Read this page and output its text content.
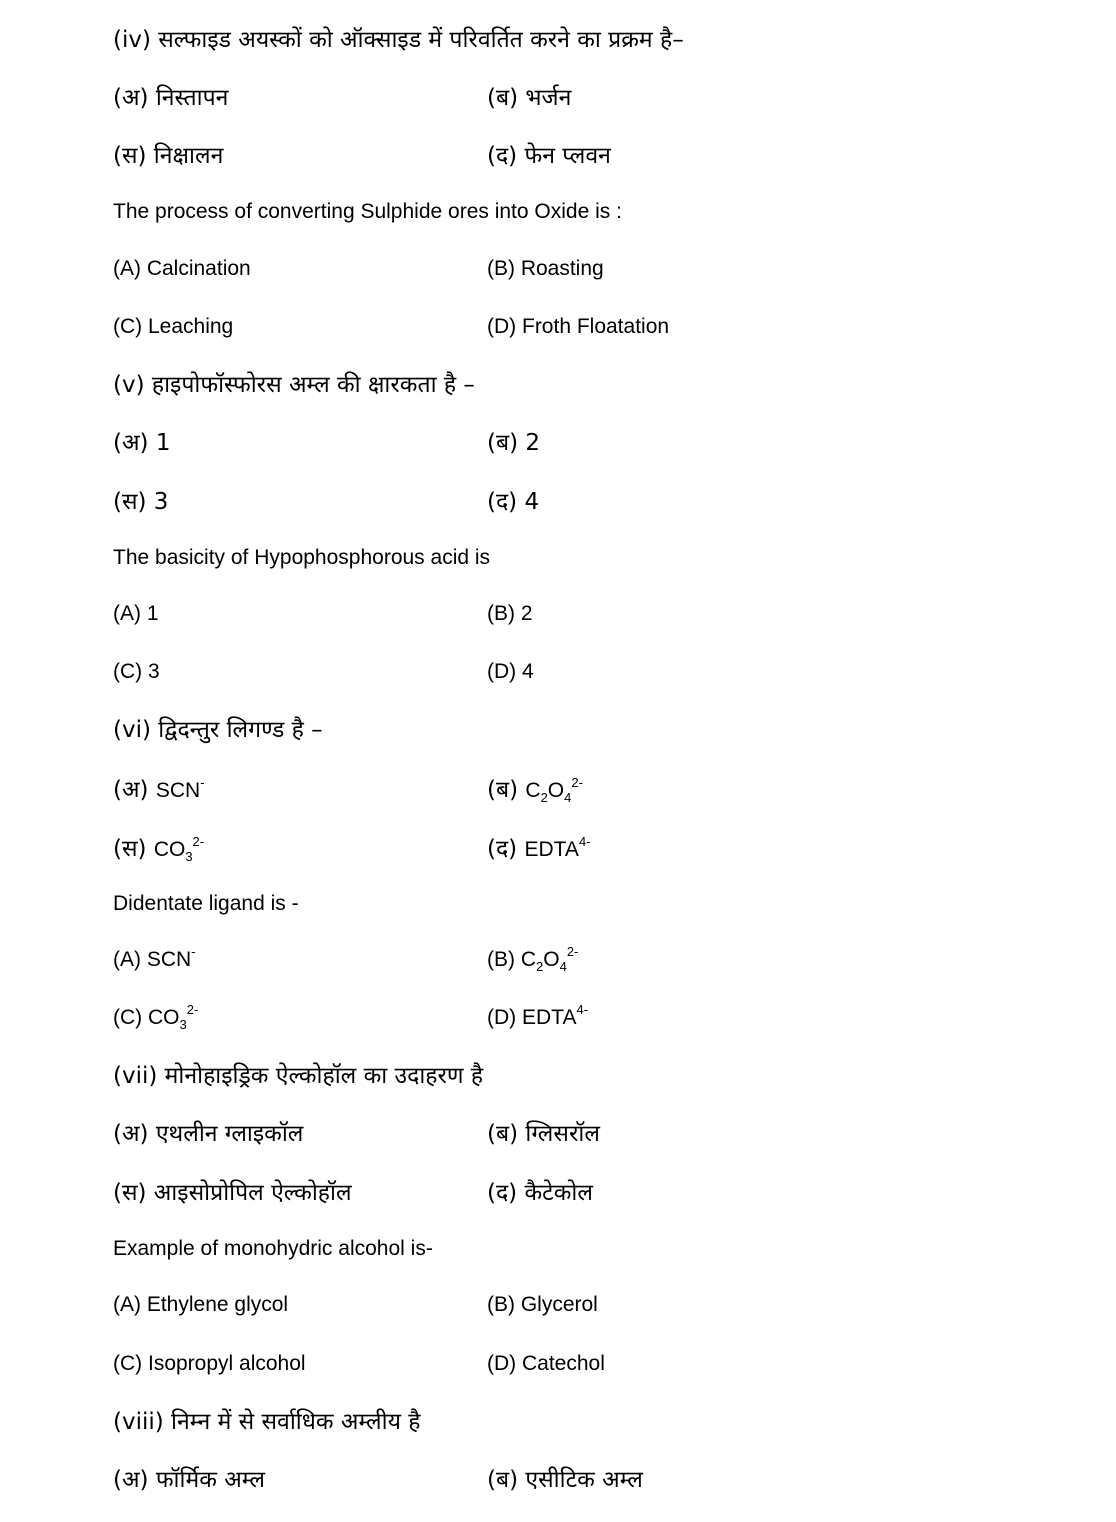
(iv) सल्फाइड अयस्कों को ऑक्साइड में परिवर्तित करने का प्रक्रम है–
(अ) निस्तापन	(ब) भर्जन
(स) निक्षालन	(द) फेन प्लवन
The process of converting Sulphide ores into Oxide is :
(A) Calcination	(B) Roasting
(C) Leaching	(D) Froth Floatation
(v) हाइपोफॉस्फोरस अम्ल की क्षारकता है –
(अ) 1	(ब) 2
(स) 3	(द) 4
The basicity of Hypophosphorous acid is
(A) 1	(B) 2
(C) 3	(D) 4
(vi) द्विदन्तुर लिगण्ड है –
(अ) SCN-	(ब) $C_2O_4^{2-}$
(स) $CO_3^{2-}$	(द) $EDTA^{4-}$
Didentate ligand is -
(A) SCN-	(B) $C_2O_4^{2-}$
(C) $CO_3^{2-}$	(D) $EDTA^{4-}$
(vii) मोनोहाइड्रिक ऐल्कोहॉल का उदाहरण है
(अ) एथलीन ग्लाइकॉल	(ब) ग्लिसरॉल
(स) आइसोप्रोपिल ऐल्कोहॉल	(द) कैटेकोल
Example of monohydric alcohol is-
(A) Ethylene glycol	(B) Glycerol
(C) Isopropyl alcohol	(D) Catechol
(viii) निम्न में से सर्वाधिक अम्लीय है
(अ) फॉर्मिक अम्ल	(ब) एसीटिक अम्ल
